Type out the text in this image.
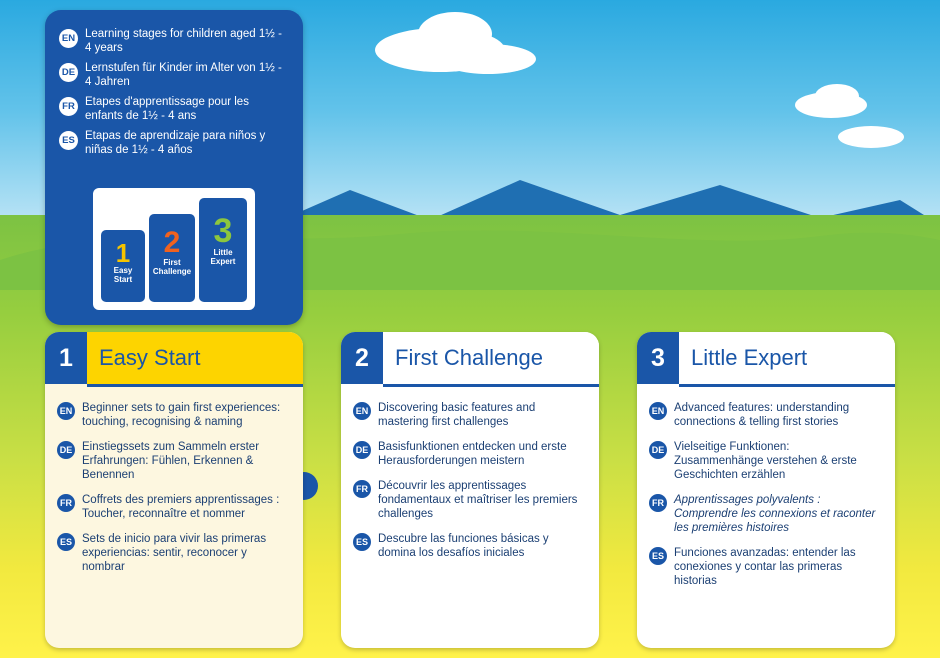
EN Learning stages for children aged 1½ - 4 years
DE Lernstufen für Kinder im Alter von 1½ - 4 Jahren
FR Etapes d'apprentissage pour les enfants de 1½ - 4 ans
ES Etapas de aprendizaje para niños y niñas de 1½ - 4 años
1
Easy
Start
2
First
Challenge
3
Little
Expert
1	Easy Start
EN Beginner sets to gain first experiences: touching, recognising & naming
DE Einstiegssets zum Sammeln erster Erfahrungen: Fühlen, Erkennen & Benennen
FR Coffrets des premiers apprentissages : Toucher, reconnaître et nommer
ES Sets de inicio para vivir las primeras experiencias: sentir, reconocer y nombrar
2	First Challenge
EN Discovering basic features and mastering first challenges
DE Basisfunktionen entdecken und erste Herausforderungen meistern
FR Découvrir les apprentissages fondamentaux et maîtriser les premiers challenges
ES Descubre las funciones básicas y domina los desafíos iniciales
3	Little Expert
EN Advanced features: understanding connections & telling first stories
DE Vielseitige Funktionen: Zusammenhänge verstehen & erste Geschichten erzählen
FR Apprentissages polyvalents : Comprendre les connexions et raconter les premières histoires
ES Funciones avanzadas: entender las conexiones y contar las primeras historias
